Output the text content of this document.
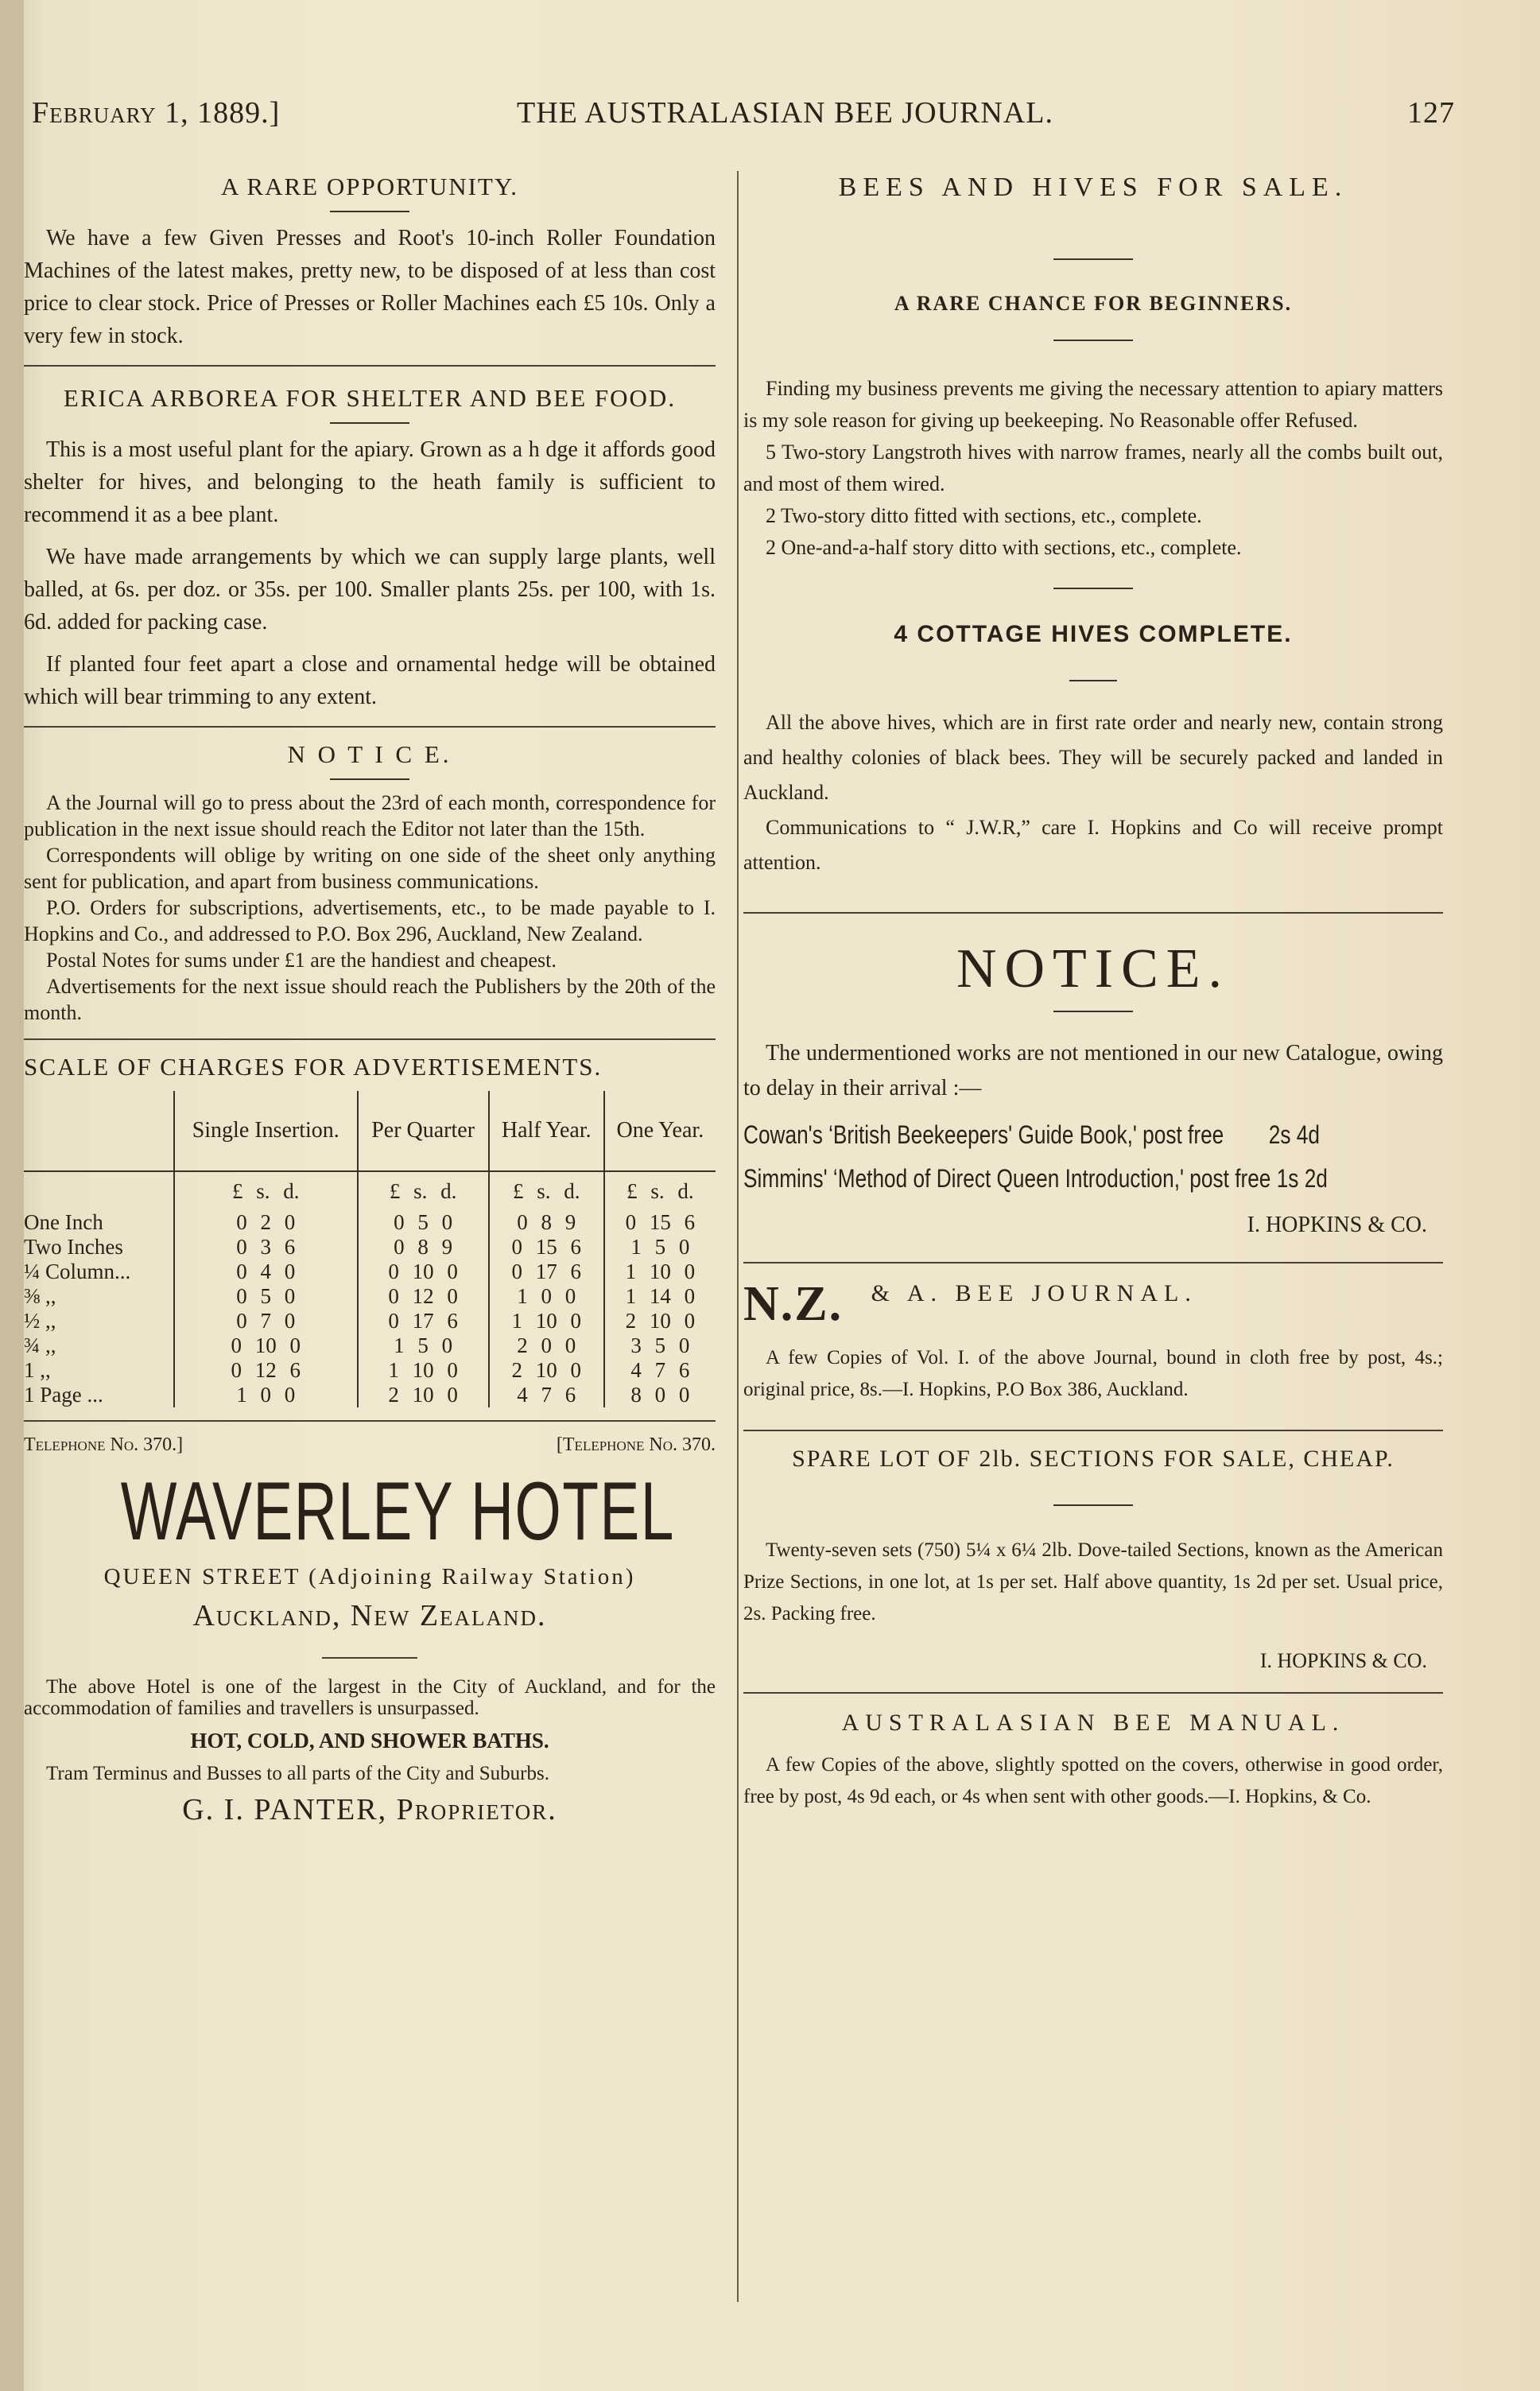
February 1, 1889.]	THE AUSTRALASIAN BEE JOURNAL.	127
A RARE OPPORTUNITY.

We have a few Given Presses and Root's 10-inch Roller Foundation Machines of the latest makes, pretty new, to be disposed of at less than cost price to clear stock. Price of Presses or Roller Machines each £5 10s. Only a very few in stock.

ERICA ARBOREA FOR SHELTER AND BEE FOOD.

This is a most useful plant for the apiary. Grown as a h dge it affords good shelter for hives, and belonging to the heath family is sufficient to recommend it as a bee plant.

We have made arrangements by which we can supply large plants, well balled, at 6s. per doz. or 35s. per 100. Smaller plants 25s. per 100, with 1s. 6d. added for packing case.

If planted four feet apart a close and ornamental hedge will be obtained which will bear trimming to any extent.

N O T I C E.

A the Journal will go to press about the 23rd of each month, correspondence for publication in the next issue should reach the Editor not later than the 15th.

Correspondents will oblige by writing on one side of the sheet only anything sent for publication, and apart from business communications.

P.O. Orders for subscriptions, advertisements, etc., to be made payable to I. Hopkins and Co., and addressed to P.O. Box 296, Auckland, New Zealand.

Postal Notes for sums under £1 are the handiest and cheapest.

Advertisements for the next issue should reach the Publishers by the 20th of the month.

SCALE OF CHARGES FOR ADVERTISEMENTS.
	Single Insertion.	Per Quarter	Half Year.	One Year.
	£ s. d.	£ s. d.	£ s. d.	£ s. d.
One Inch	0 2 0	0 5 0	0 8 9	0 15 6
Two Inches	0 3 6	0 8 9	0 15 6	1 5 0
¼ Column...	0 4 0	0 10 0	0 17 6	1 10 0
⅜ ,,	0 5 0	0 12 0	1 0 0	1 14 0
½ ,,	0 7 0	0 17 6	1 10 0	2 10 0
¾ ,,	0 10 0	1 5 0	2 0 0	3 5 0
1 ,,	0 12 6	1 10 0	2 10 0	4 7 6
1 Page ...	1 0 0	2 10 0	4 7 6	8 0 0
Telephone No. 370.]	[Telephone No. 370.
WAVERLEY HOTEL
QUEEN STREET (Adjoining Railway Station)
Auckland, New Zealand.

The above Hotel is one of the largest in the City of Auckland, and for the accommodation of families and travellers is unsurpassed.

HOT, COLD, AND SHOWER BATHS.

Tram Terminus and Busses to all parts of the City and Suburbs.

G. I. PANTER, Proprietor.
BEES AND HIVES FOR SALE.
A RARE CHANCE FOR BEGINNERS.

Finding my business prevents me giving the necessary attention to apiary matters is my sole reason for giving up beekeeping. No Reasonable offer Refused.

5 Two-story Langstroth hives with narrow frames, nearly all the combs built out, and most of them wired.

2 Two-story ditto fitted with sections, etc., complete.

2 One-and-a-half story ditto with sections, etc., complete.

4 COTTAGE HIVES COMPLETE.

All the above hives, which are in first rate order and nearly new, contain strong and healthy colonies of black bees. They will be securely packed and landed in Auckland.

Communications to “ J.W.R,” care I. Hopkins and Co will receive prompt attention.

NOTICE.

The undermentioned works are not mentioned in our new Catalogue, owing to delay in their arrival :—

Cowan's ‘British Beekeepers' Guide Book,' post free 2s 4d
Simmins' ‘Method of Direct Queen Introduction,' post free 1s 2d
I. HOPKINS & CO.
N.Z. & A. BEE JOURNAL.

A few Copies of Vol. I. of the above Journal, bound in cloth free by post, 4s.; original price, 8s.—I. Hopkins, P.O Box 386, Auckland.

SPARE LOT OF 2lb. SECTIONS FOR SALE, CHEAP.

Twenty-seven sets (750) 5¼ x 6¼ 2lb. Dove-tailed Sections, known as the American Prize Sections, in one lot, at 1s per set. Half above quantity, 1s 2d per set. Usual price, 2s. Packing free.

I. HOPKINS & CO.
AUSTRALASIAN BEE MANUAL.

A few Copies of the above, slightly spotted on the covers, otherwise in good order, free by post, 4s 9d each, or 4s when sent with other goods.—I. Hopkins, & Co.
